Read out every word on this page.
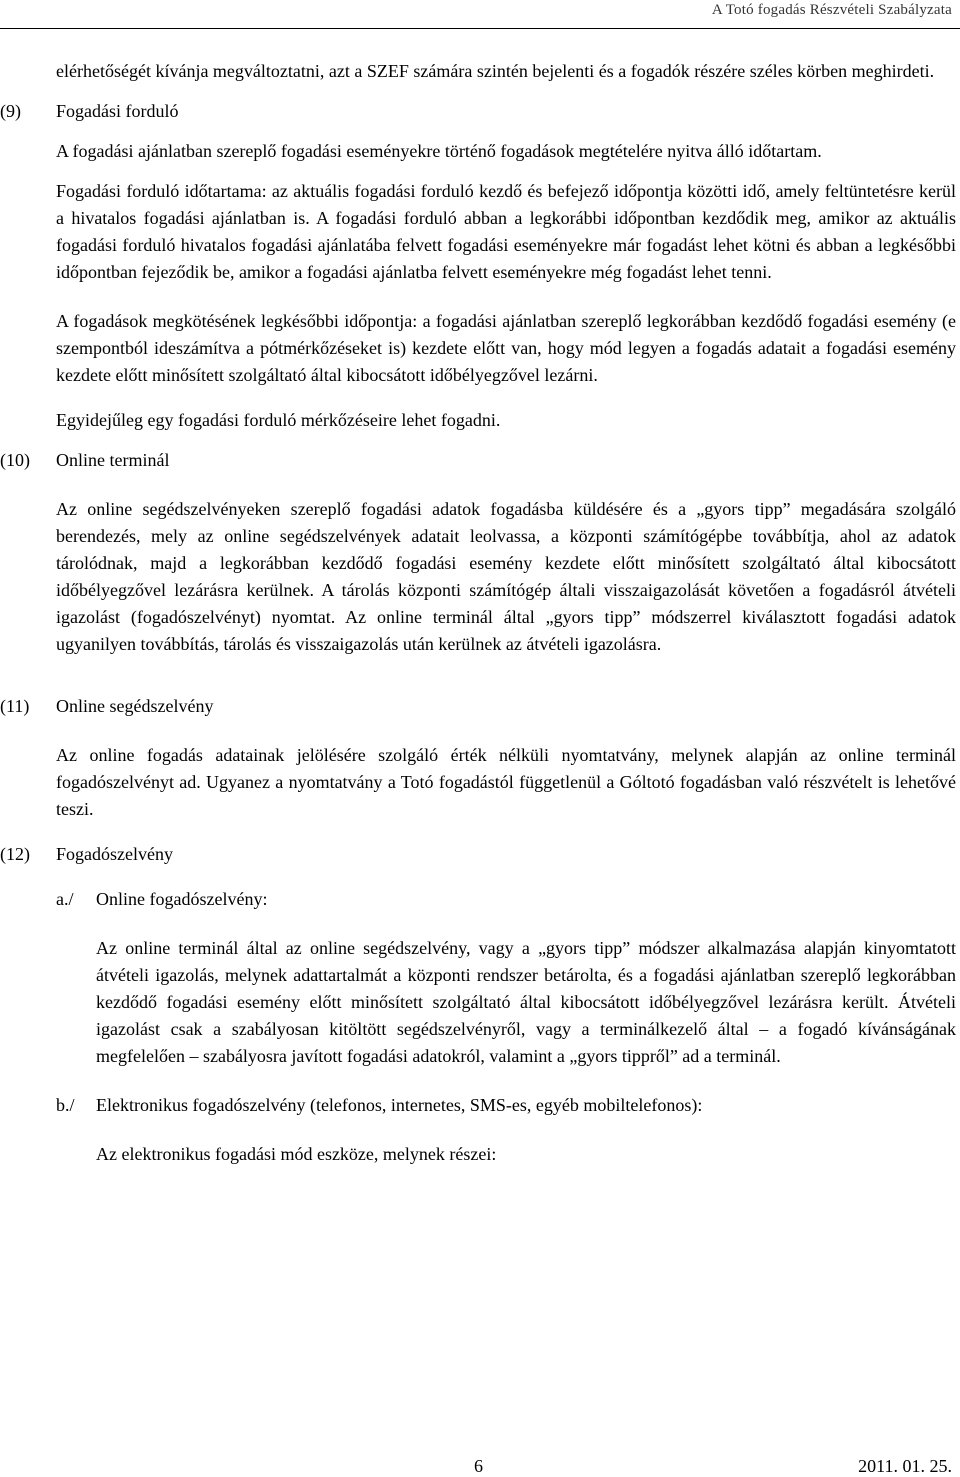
A Totó fogadás Részvételi Szabályzata

elérhetőségét kívánja megváltoztatni, azt a SZEF számára szintén bejelenti és a fogadók részére széles körben meghirdeti.

(9) Fogadási forduló

A fogadási ajánlatban szereplő fogadási eseményekre történő fogadások megtételére nyitva álló időtartam.

Fogadási forduló időtartama: az aktuális fogadási forduló kezdő és befejező időpontja közötti idő, amely feltüntetésre kerül a hivatalos fogadási ajánlatban is. A fogadási forduló abban a legkorábbi időpontban kezdődik meg, amikor az aktuális fogadási forduló hivatalos fogadási ajánlatába felvett fogadási eseményekre már fogadást lehet kötni és abban a legkésőbbi időpontban fejeződik be, amikor a fogadási ajánlatba felvett eseményekre még fogadást lehet tenni.

A fogadások megkötésének legkésőbbi időpontja: a fogadási ajánlatban szereplő legkorábban kezdődő fogadási esemény (e szempontból ideszámítva a pótmérkőzéseket is) kezdete előtt van, hogy mód legyen a fogadás adatait a fogadási esemény kezdete előtt minősített szolgáltató által kibocsátott időbélyegzővel lezárni.

Egyidejűleg egy fogadási forduló mérkőzéseire lehet fogadni.

(10) Online terminál

Az online segédszelvényeken szereplő fogadási adatok fogadásba küldésére és a „gyors tipp” megadására szolgáló berendezés, mely az online segédszelvények adatait leolvassa, a központi számítógépbe továbbítja, ahol az adatok tárolódnak, majd a legkorábban kezdődő fogadási esemény kezdete előtt minősített szolgáltató által kibocsátott időbélyegzővel lezárásra kerülnek. A tárolás központi számítógép általi visszaigazolását követően a fogadásról átvételi igazolást (fogadószelvényt) nyomtat. Az online terminál által „gyors tipp” módszerrel kiválasztott fogadási adatok ugyanilyen továbbítás, tárolás és visszaigazolás után kerülnek az átvételi igazolásra.

(11) Online segédszelvény

Az online fogadás adatainak jelölésére szolgáló érték nélküli nyomtatvány, melynek alapján az online terminál fogadószelvényt ad. Ugyanez a nyomtatvány a Totó fogadástól függetlenül a Góltotó fogadásban való részvételt is lehetővé teszi.

(12) Fogadószelvény
a./ Online fogadószelvény:

Az online terminál által az online segédszelvény, vagy a „gyors tipp” módszer alkalmazása alapján kinyomtatott átvételi igazolás, melynek adattartalmát a központi rendszer betárolta, és a fogadási ajánlatban szereplő legkorábban kezdődő fogadási esemény előtt minősített szolgáltató által kibocsátott időbélyegzővel lezárásra került. Átvételi igazolást csak a szabályosan kitöltött segédszelvényről, vagy a terminálkezelő által – a fogadó kívánságának megfelelően – szabályosra javított fogadási adatokról, valamint a „gyors tippről” ad a terminál.

b./ Elektronikus fogadószelvény (telefonos, internetes, SMS-es, egyéb mobiltelefonos):

Az elektronikus fogadási mód eszköze, melynek részei:

6	2011. 01. 25.
